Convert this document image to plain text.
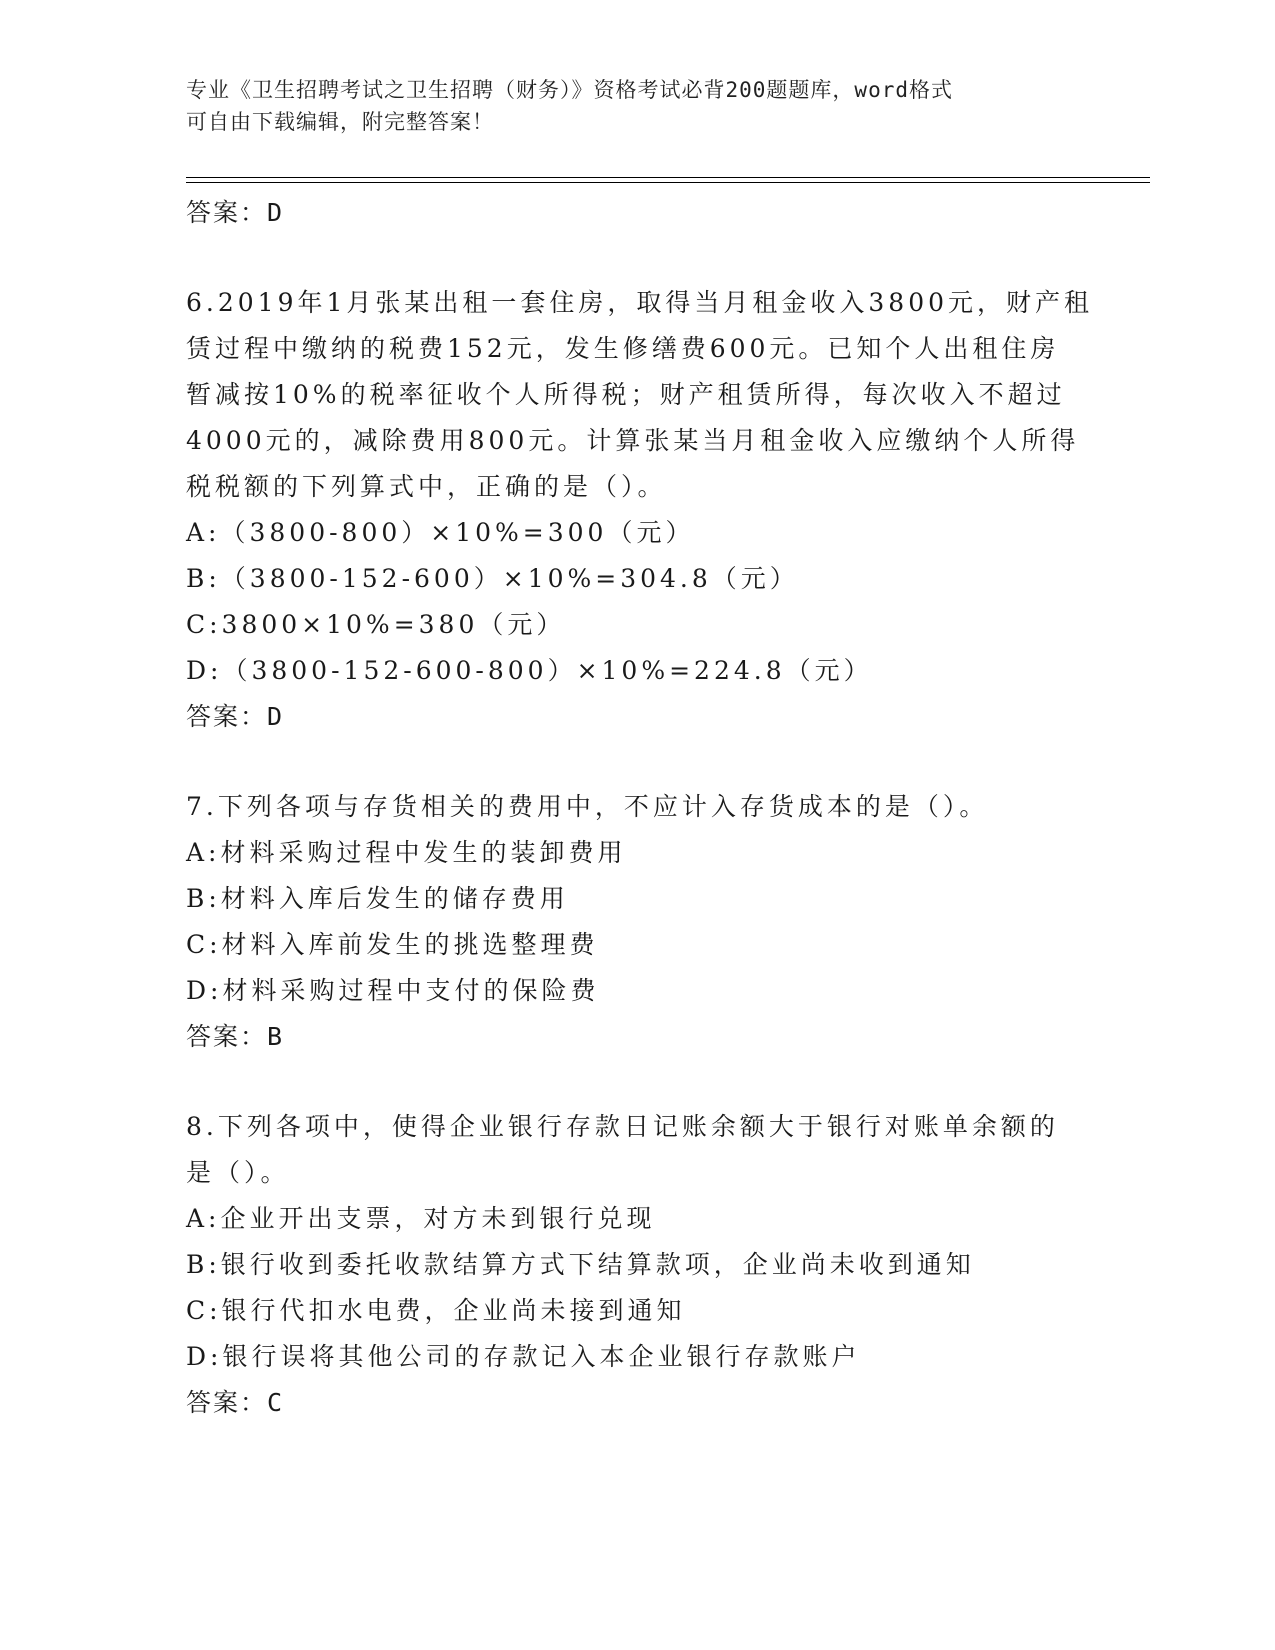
专业《卫生招聘考试之卫生招聘（财务）》资格考试必背200题题库，word格式
可自由下载编辑，附完整答案！
答案：D
6.2019年1月张某出租一套住房，取得当月租金收入3800元，财产租
赁过程中缴纳的税费152元，发生修缮费600元。已知个人出租住房
暂减按10%的税率征收个人所得税；财产租赁所得，每次收入不超过
4000元的，减除费用800元。计算张某当月租金收入应缴纳个人所得
税税额的下列算式中，正确的是（）。
A:（3800-800）×10%=300（元）
B:（3800-152-600）×10%=304.8（元）
C:3800×10%=380（元）
D:（3800-152-600-800）×10%=224.8（元）
答案：D
7.下列各项与存货相关的费用中，不应计入存货成本的是（）。
A:材料采购过程中发生的装卸费用
B:材料入库后发生的储存费用
C:材料入库前发生的挑选整理费
D:材料采购过程中支付的保险费
答案：B
8.下列各项中，使得企业银行存款日记账余额大于银行对账单余额的
是（）。
A:企业开出支票，对方未到银行兑现
B:银行收到委托收款结算方式下结算款项，企业尚未收到通知
C:银行代扣水电费，企业尚未接到通知
D:银行误将其他公司的存款记入本企业银行存款账户
答案：C
